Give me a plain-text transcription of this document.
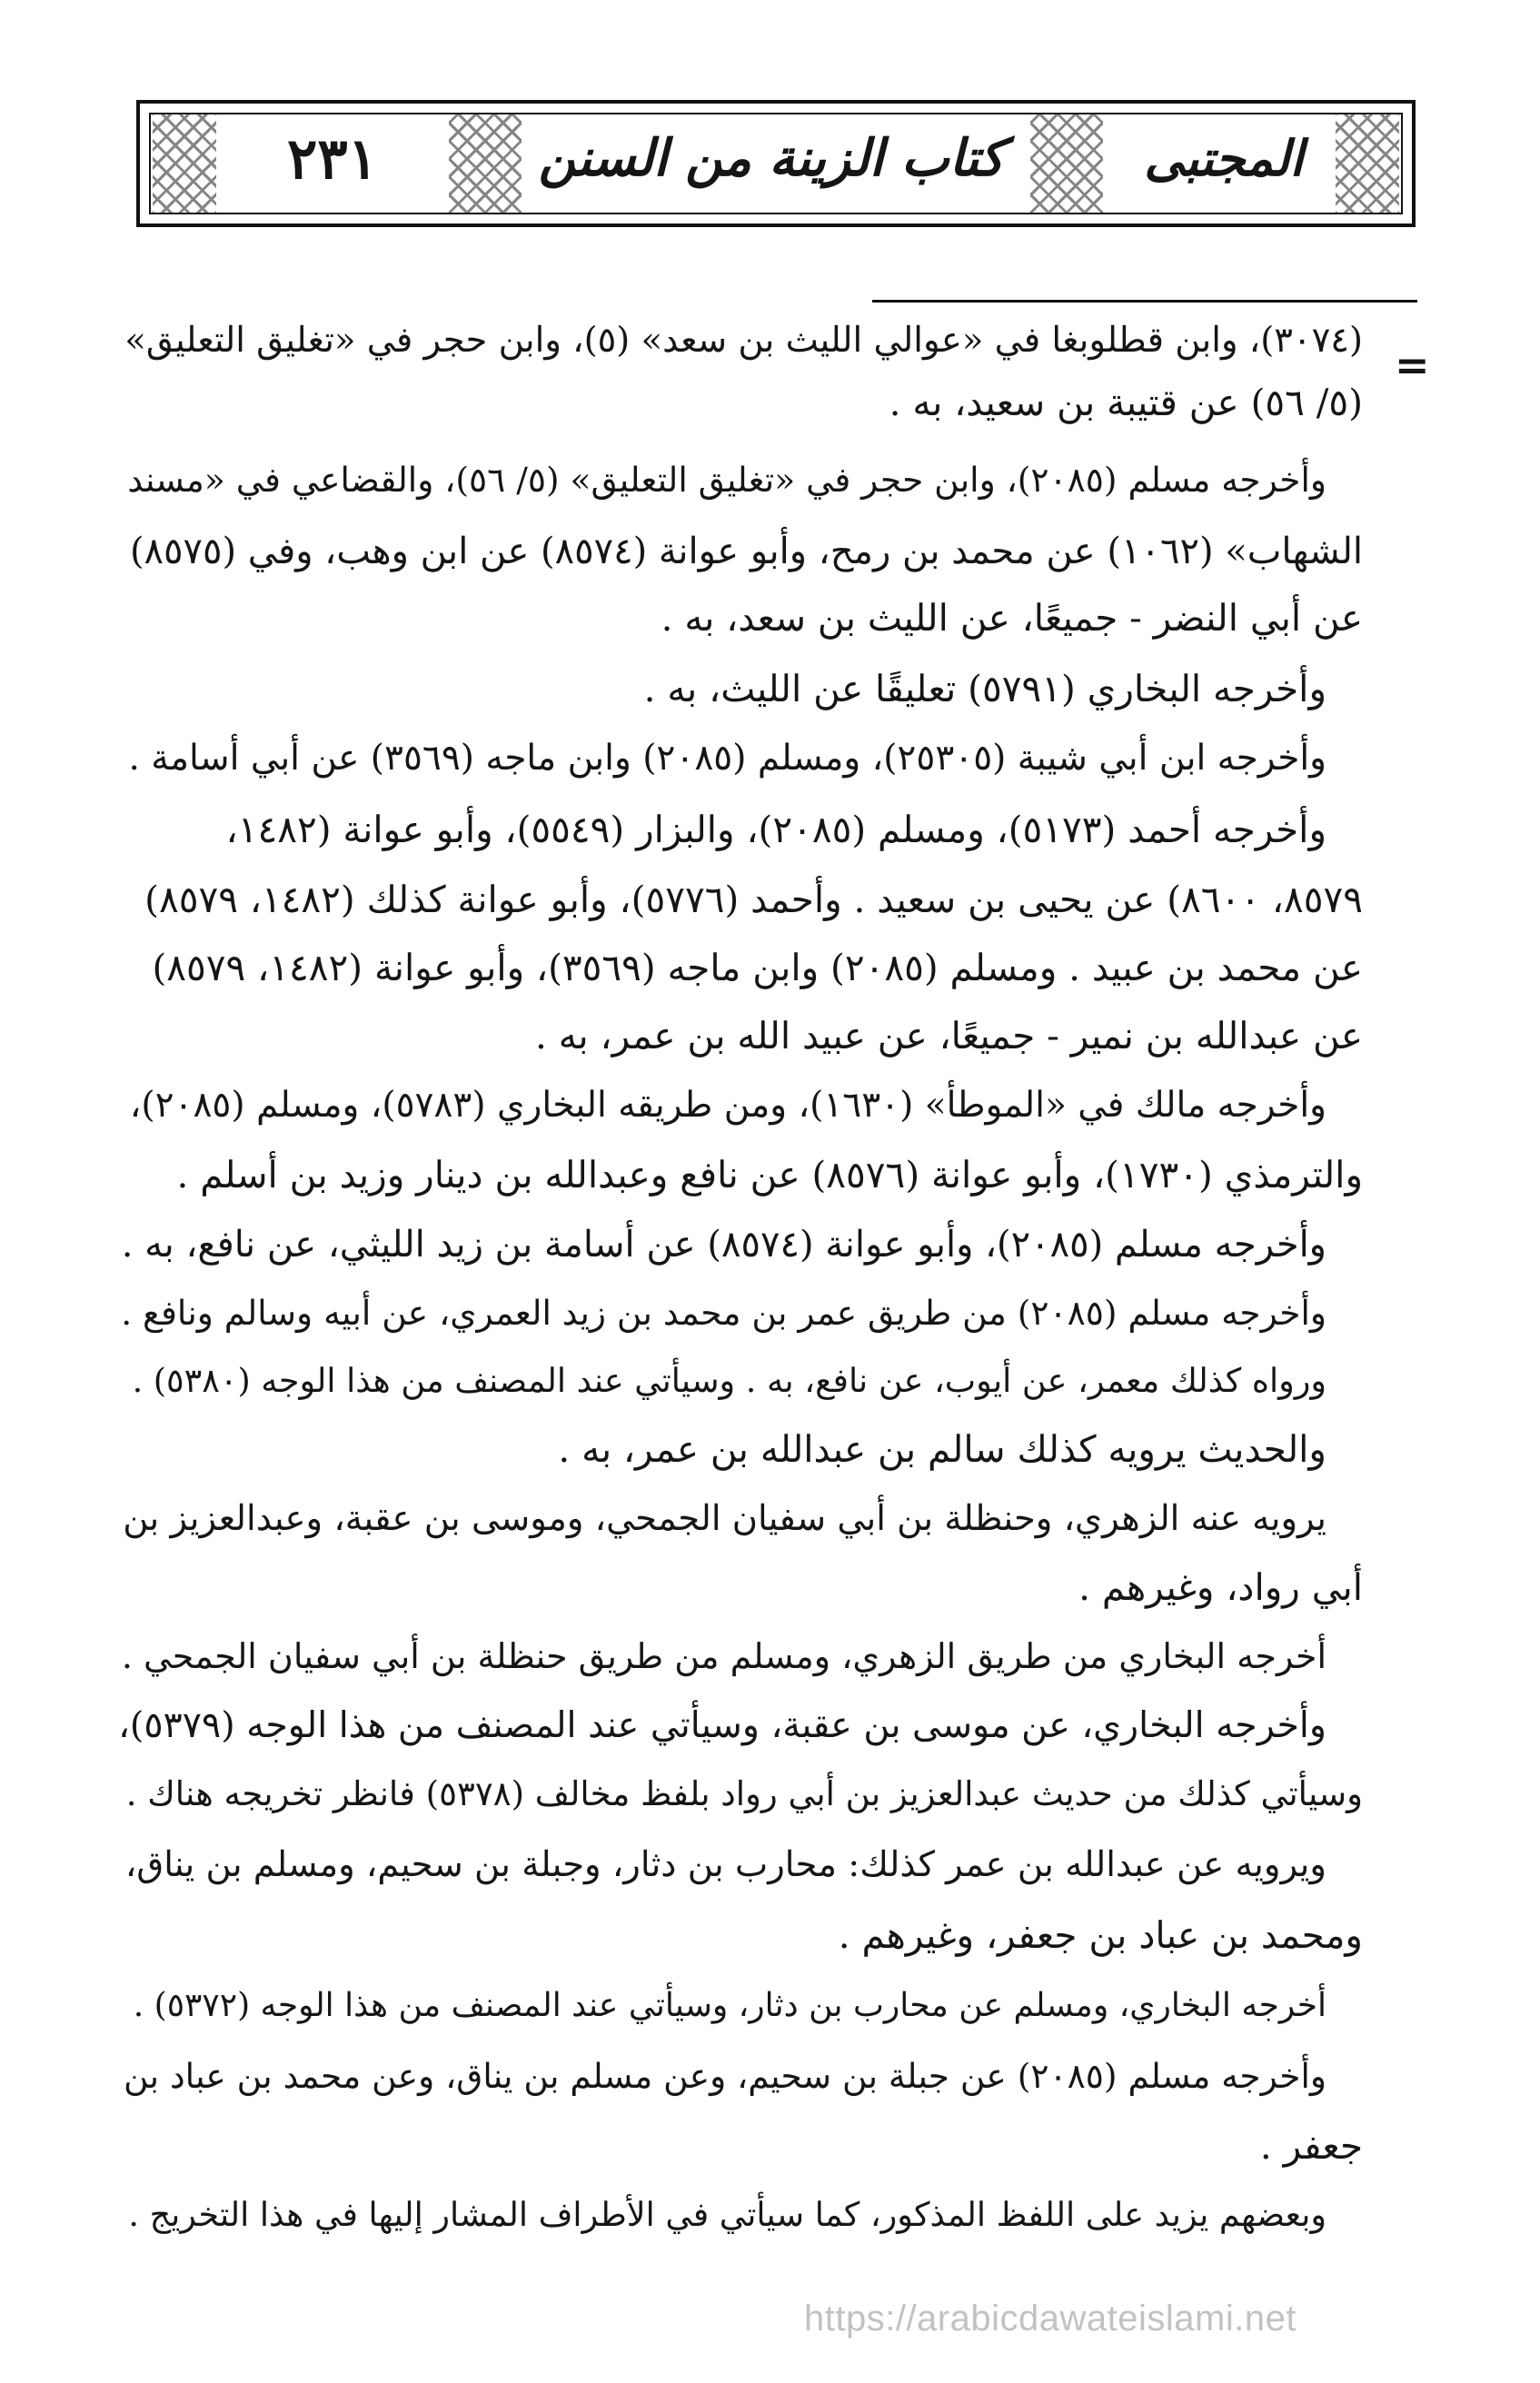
٢٣١	كتاب الزينة من السنن	المجتبى
=
(٣٠٧٤)، وابن قطلوبغا في «عوالي الليث بن سعد» (٥)، وابن حجر في «تغليق التعليق»
(٥/ ٥٦) عن قتيبة بن سعيد، به .
وأخرجه مسلم (٢٠٨٥)، وابن حجر في «تغليق التعليق» (٥/ ٥٦)، والقضاعي في «مسند
الشهاب» (١٠٦٢) عن محمد بن رمح، وأبو عوانة (٨٥٧٤) عن ابن وهب، وفي (٨٥٧٥)
عن أبي النضر - جميعًا، عن الليث بن سعد، به .
وأخرجه البخاري (٥٧٩١) تعليقًا عن الليث، به .
وأخرجه ابن أبي شيبة (٢٥٣٠٥)، ومسلم (٢٠٨٥) وابن ماجه (٣٥٦٩) عن أبي أسامة .
وأخرجه أحمد (٥١٧٣)، ومسلم (٢٠٨٥)، والبزار (٥٥٤٩)، وأبو عوانة (١٤٨٢،
٨٥٧٩، ٨٦٠٠) عن يحيى بن سعيد . وأحمد (٥٧٧٦)، وأبو عوانة كذلك (١٤٨٢، ٨٥٧٩)
عن محمد بن عبيد . ومسلم (٢٠٨٥) وابن ماجه (٣٥٦٩)، وأبو عوانة (١٤٨٢، ٨٥٧٩)
عن عبدالله بن نمير - جميعًا، عن عبيد الله بن عمر، به .
وأخرجه مالك في «الموطأ» (١٦٣٠)، ومن طريقه البخاري (٥٧٨٣)، ومسلم (٢٠٨٥)،
والترمذي (١٧٣٠)، وأبو عوانة (٨٥٧٦) عن نافع وعبدالله بن دينار وزيد بن أسلم .
وأخرجه مسلم (٢٠٨٥)، وأبو عوانة (٨٥٧٤) عن أسامة بن زيد الليثي، عن نافع، به .
وأخرجه مسلم (٢٠٨٥) من طريق عمر بن محمد بن زيد العمري، عن أبيه وسالم ونافع .
ورواه كذلك معمر، عن أيوب، عن نافع، به . وسيأتي عند المصنف من هذا الوجه (٥٣٨٠) .
والحديث يرويه كذلك سالم بن عبدالله بن عمر، به .
يرويه عنه الزهري، وحنظلة بن أبي سفيان الجمحي، وموسى بن عقبة، وعبدالعزيز بن
أبي رواد، وغيرهم .
أخرجه البخاري من طريق الزهري، ومسلم من طريق حنظلة بن أبي سفيان الجمحي .
وأخرجه البخاري، عن موسى بن عقبة، وسيأتي عند المصنف من هذا الوجه (٥٣٧٩)،
وسيأتي كذلك من حديث عبدالعزيز بن أبي رواد بلفظ مخالف (٥٣٧٨) فانظر تخريجه هناك .
ويرويه عن عبدالله بن عمر كذلك: محارب بن دثار، وجبلة بن سحيم، ومسلم بن يناق،
ومحمد بن عباد بن جعفر، وغيرهم .
أخرجه البخاري، ومسلم عن محارب بن دثار، وسيأتي عند المصنف من هذا الوجه (٥٣٧٢) .
وأخرجه مسلم (٢٠٨٥) عن جبلة بن سحيم، وعن مسلم بن يناق، وعن محمد بن عباد بن
جعفر .
وبعضهم يزيد على اللفظ المذكور، كما سيأتي في الأطراف المشار إليها في هذا التخريج .
https://arabicdawateislami.net
